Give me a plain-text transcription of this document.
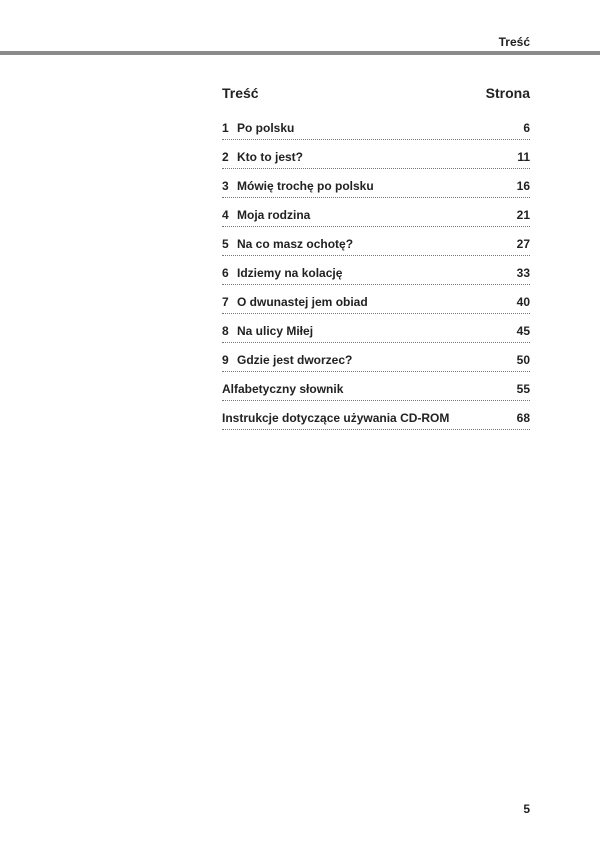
Treść
Treść	Strona
1 Po polsku	6
2 Kto to jest?	11
3 Mówię trochę po polsku	16
4 Moja rodzina	21
5 Na co masz ochotę?	27
6 Idziemy na kolację	33
7 O dwunastej jem obiad	40
8 Na ulicy Miłej	45
9 Gdzie jest dworzec?	50
Alfabetyczny słownik	55
Instrukcje dotyczące używania CD-ROM	68
5
